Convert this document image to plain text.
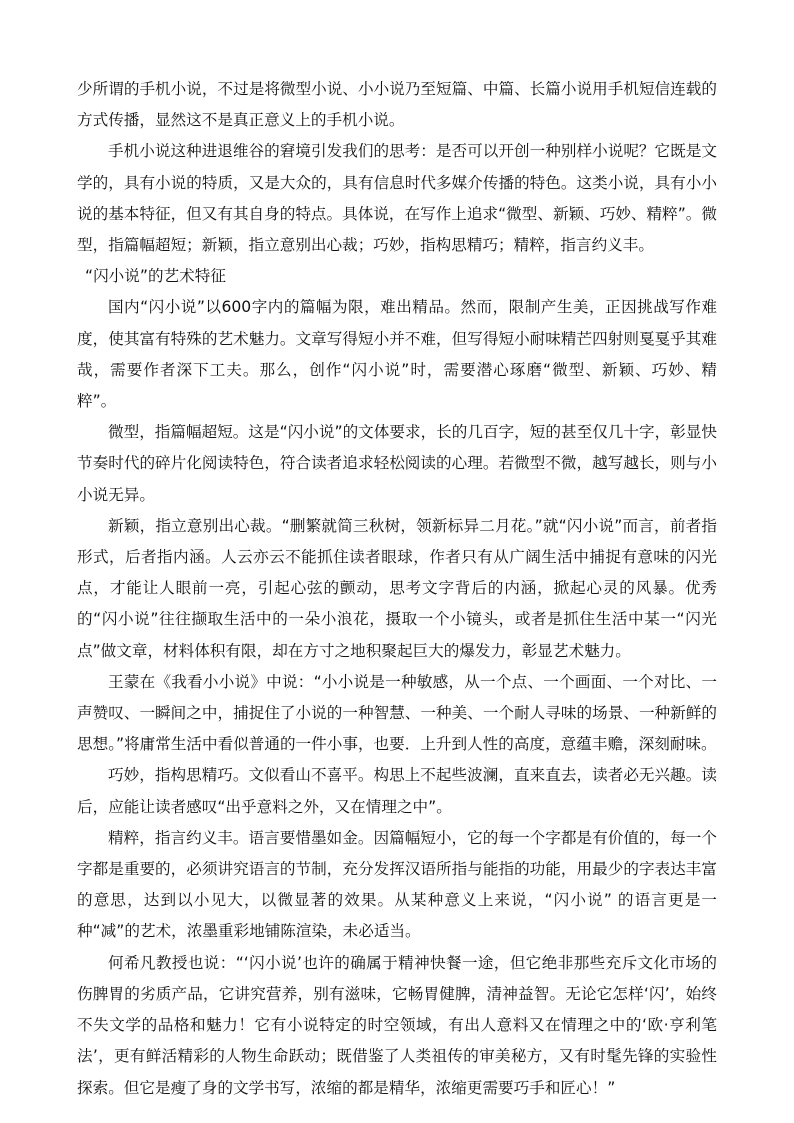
少所谓的手机小说，不过是将微型小说、小小说乃至短篇、中篇、长篇小说用手机短信连载的方式传播，显然这不是真正意义上的手机小说。

手机小说这种进退维谷的窘境引发我们的思考：是否可以开创一种别样小说呢？它既是文学的，具有小说的特质，又是大众的，具有信息时代多媒介传播的特色。这类小说，具有小小说的基本特征，但又有其自身的特点。具体说，在写作上追求“微型、新颖、巧妙、精粹”。微型，指篇幅超短；新颖，指立意别出心裁；巧妙，指构思精巧；精粹，指言约义丰。

“闪小说”的艺术特征

国内“闪小说”以600字内的篇幅为限，难出精品。然而，限制产生美，正因挑战写作难度，使其富有特殊的艺术魅力。文章写得短小并不难，但写得短小耐味精芒四射则戛戛乎其难哉，需要作者深下工夫。那么，创作“闪小说”时，需要潜心琢磨“微型、新颖、巧妙、精粹”。

微型，指篇幅超短。这是“闪小说”的文体要求，长的几百字，短的甚至仅几十字，彰显快节奏时代的碎片化阅读特色，符合读者追求轻松阅读的心理。若微型不微，越写越长，则与小小说无异。

新颖，指立意别出心裁。“删繁就简三秋树，领新标异二月花。”就“闪小说”而言，前者指形式，后者指内涵。人云亦云不能抓住读者眼球，作者只有从广阔生活中捕捉有意味的闪光点，才能让人眼前一亮，引起心弦的颤动，思考文字背后的内涵，掀起心灵的风暴。优秀的“闪小说”往往撷取生活中的一朵小浪花，摄取一个小镜头，或者是抓住生活中某一“闪光点”做文章，材料体积有限，却在方寸之地积聚起巨大的爆发力，彰显艺术魅力。

王蒙在《我看小小说》中说：“小小说是一种敏感，从一个点、一个画面、一个对比、一声赞叹、一瞬间之中，捕捉住了小说的一种智慧、一种美、一个耐人寻味的场景、一种新鲜的思想。”将庸常生活中看似普通的一件小事，也要．上升到人性的高度，意蕴丰赡，深刻耐味。

巧妙，指构思精巧。文似看山不喜平。构思上不起些波澜，直来直去，读者必无兴趣。读后，应能让读者感叹“出乎意料之外，又在情理之中”。

精粹，指言约义丰。语言要惜墨如金。因篇幅短小，它的每一个字都是有价值的，每一个字都是重要的，必须讲究语言的节制，充分发挥汉语所指与能指的功能，用最少的字表达丰富的意思，达到以小见大，以微显著的效果。从某种意义上来说，“闪小说” 的语言更是一种“减”的艺术，浓墨重彩地铺陈渲染，未必适当。

何希凡教授也说：“‘闪小说’也许的确属于精神快餐一途，但它绝非那些充斥文化市场的伤脾胃的劣质产品，它讲究营养，别有滋味，它畅胃健脾，清神益智。无论它怎样‘闪’，始终不失文学的品格和魅力！它有小说特定的时空领域，有出人意料又在情理之中的‘欧·亨利笔法’，更有鲜活精彩的人物生命跃动；既借鉴了人类祖传的审美秘方，又有时髦先锋的实验性探索。但它是瘦了身的文学书写，浓缩的都是精华，浓缩更需要巧手和匠心！”
